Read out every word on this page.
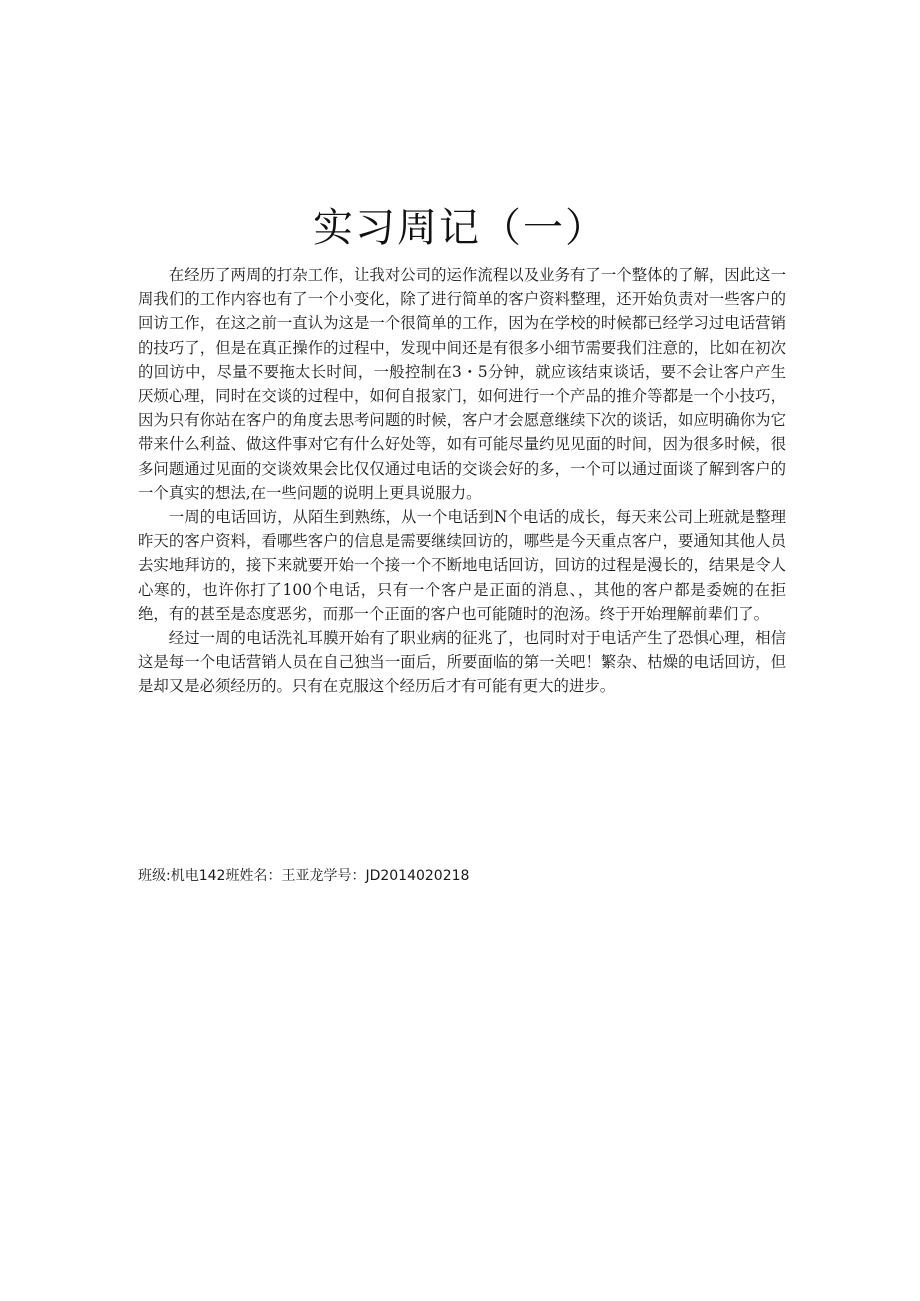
实习周记（一）

在经历了两周的打杂工作，让我对公司的运作流程以及业务有了一个整体的了解，因此这一周我们的工作内容也有了一个小变化，除了进行简单的客户资料整理，还开始负责对一些客户的回访工作，在这之前一直认为这是一个很简单的工作，因为在学校的时候都已经学习过电话营销的技巧了，但是在真正操作的过程中，发现中间还是有很多小细节需要我们注意的，比如在初次的回访中，尽量不要拖太长时间，一般控制在3・5分钟，就应该结束谈话，要不会让客户产生厌烦心理，同时在交谈的过程中，如何自报家门，如何进行一个产品的推介等都是一个小技巧，因为只有你站在客户的角度去思考问题的时候，客户才会愿意继续下次的谈话，如应明确你为它带来什么利益、做这件事对它有什么好处等，如有可能尽量约见见面的时间，因为很多时候，很多问题通过见面的交谈效果会比仅仅通过电话的交谈会好的多，一个可以通过面谈了解到客户的一个真实的想法,在一些问题的说明上更具说服力。

一周的电话回访，从陌生到熟练，从一个电话到N个电话的成长，每天来公司上班就是整理昨天的客户资料，看哪些客户的信息是需要继续回访的，哪些是今天重点客户，要通知其他人员去实地拜访的，接下来就要开始一个接一个不断地电话回访，回访的过程是漫长的，结果是令人心寒的，也许你打了100个电话，只有一个客户是正面的消息、，其他的客户都是委婉的在拒绝，有的甚至是态度恶劣，而那一个正面的客户也可能随时的泡汤。终于开始理解前辈们了。

经过一周的电话洗礼耳膜开始有了职业病的征兆了，也同时对于电话产生了恐惧心理，相信这是每一个电话营销人员在自己独当一面后，所要面临的第一关吧！繁杂、枯燥的电话回访，但是却又是必须经历的。只有在克服这个经历后才有可能有更大的进步。

班级:机电142班姓名：王亚龙学号：JD2014020218
